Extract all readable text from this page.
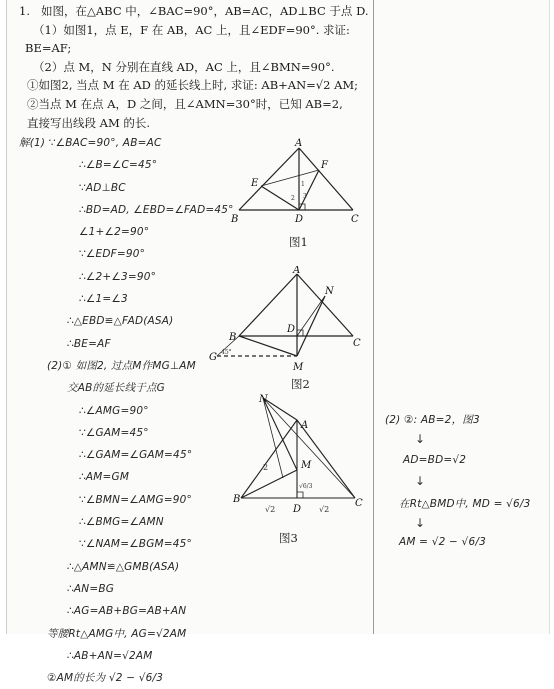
1. 如图，在△ABC 中，∠BAC=90°，AB=AC，AD⊥BC 于点 D.
（1）如图1，点 E，F 在 AB，AC 上，且∠EDF=90°. 求证:
BE=AF;
（2）点 M，N 分别在直线 AD，AC 上，且∠BMN=90°.
①如图2, 当点 M 在 AD 的延长线上时, 求证: AB+AN=√2 AM;
②当点 M 在点 A，D 之间，且∠AMN=30°时，已知 AB=2,
直接写出线段 AM 的长.
解(1) ∵∠BAC=90°, AB=AC
∴∠B=∠C=45°
∵AD⊥BC
∴BD=AD, ∠EBD=∠FAD=45°
∠1+∠2=90°
∵∠EDF=90°
∴∠2+∠3=90°
∴∠1=∠3
∴△EBD≌△FAD(ASA)
∴BE=AF
(2)① 如图2, 过点M作MG⊥AM
交AB的延长线于点G
∴∠AMG=90°
∵∠GAM=45°
∴∠GAM=∠GAM=45°
∴AM=GM
∵∠BMN=∠AMG=90°
∴∠BMG=∠AMN
∵∠NAM=∠BGM=45°
∴△AMN≌△GMB(ASA)
∴AN=BG
∴AG=AB+BG=AB+AN
等腰Rt△AMG中, AG=√2AM
∴AB+AN=√2AM
②AM的长为 √2 − √6/3
A
B	C
D
E
F
1
2 3
图1
A
B
C
D
M
N
G 45°
图2
N
A
M
B	C
D
2
√2	√2
√6/3
图3
(2) ②: AB=2，图3
↓
AD=BD=√2
↓
在Rt△BMD中, MD = √6/3
↓
AM = √2 − √6/3
